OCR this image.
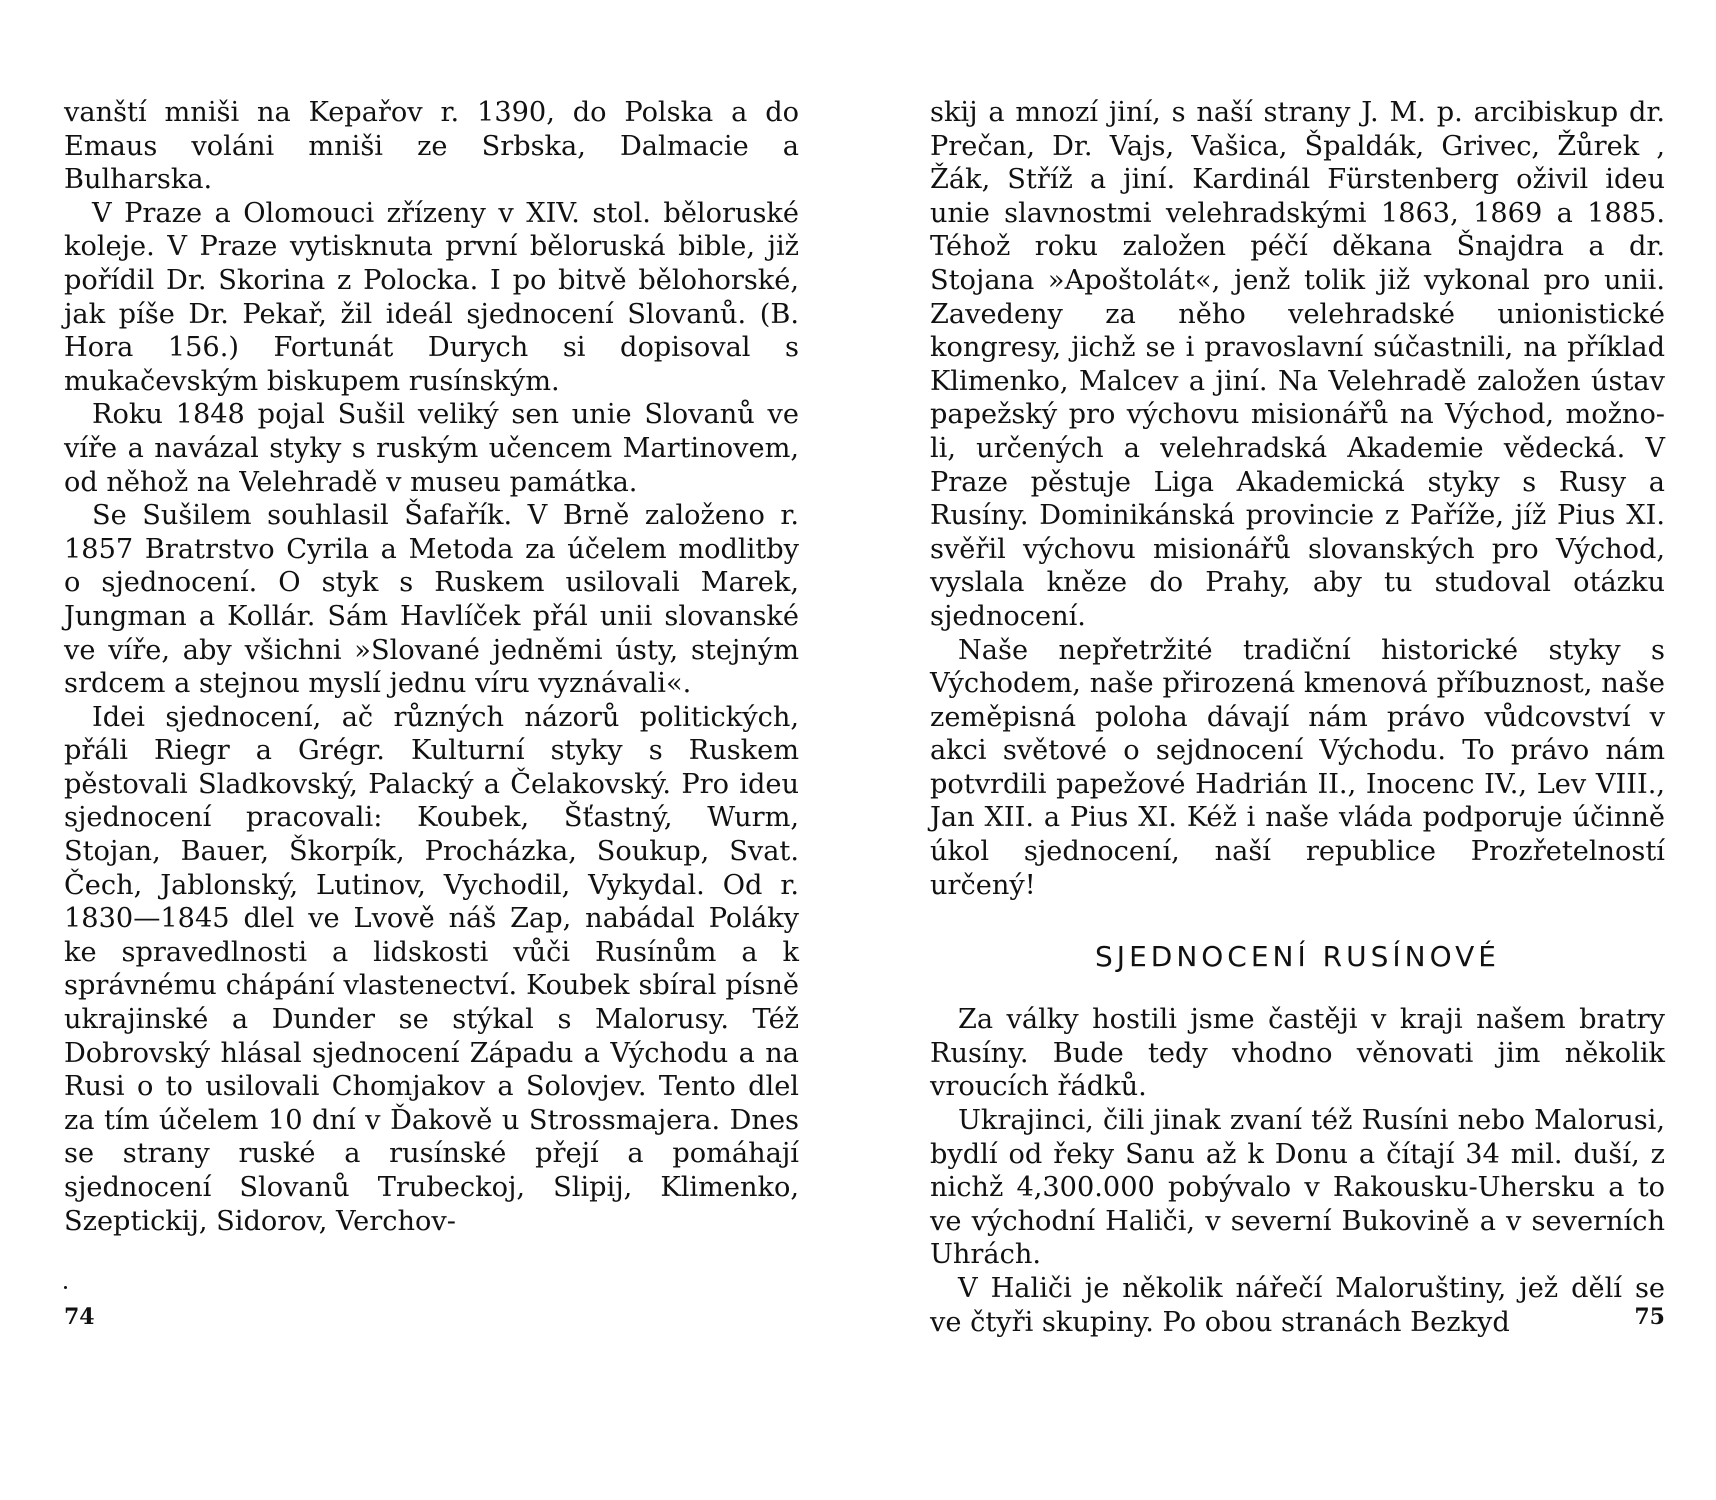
vanští mniši na Kepařov r. 1390, do Polska a do Emaus voláni mniši ze Srbska, Dalmacie a Bulharska.

V Praze a Olomouci zřízeny v XIV. stol. běloruské koleje. V Praze vytisknuta první běloruská bible, již pořídil Dr. Skorina z Polocka. I po bitvě bělohorské, jak píše Dr. Pekař, žil ideál sjednocení Slovanů. (B. Hora 156.) Fortunát Durych si dopisoval s mukačevským biskupem rusínským.

Roku 1848 pojal Sušil veliký sen unie Slovanů ve víře a navázal styky s ruským učencem Martinovem, od něhož na Velehradě v museu památka.

Se Sušilem souhlasil Šafařík. V Brně založeno r. 1857 Bratrstvo Cyrila a Metoda za účelem modlitby o sjednocení. O styk s Ruskem usilovali Marek, Jungman a Kollár. Sám Havlíček přál unii slovanské ve víře, aby všichni »Slované jedněmi ústy, stejným srdcem a stejnou myslí jednu víru vyznávali«.

Idei sjednocení, ač různých názorů politických, přáli Riegr a Grégr. Kulturní styky s Ruskem pěstovali Sladkovský, Palacký a Čelakovský. Pro ideu sjednocení pracovali: Koubek, Šťastný, Wurm, Stojan, Bauer, Škorpík, Procházka, Soukup, Svat. Čech, Jablonský, Lutinov, Vychodil, Vykydal. Od r. 1830—1845 dlel ve Lvově náš Zap, nabádal Poláky ke spravedlnosti a lidskosti vůči Rusínům a k správnému chápání vlastenectví. Koubek sbíral písně ukrajinské a Dunder se stýkal s Malorusy. Též Dobrovský hlásal sjednocení Západu a Východu a na Rusi o to usilovali Chomjakov a Solovjev. Tento dlel za tím účelem 10 dní v Ďakově u Strossmajera. Dnes se strany ruské a rusínské přejí a pomáhají sjednocení Slovanů Trubeckoj, Slipij, Klimenko, Szeptickij, Sidorov, Verchov-

74

skij a mnozí jiní, s naší strany J. M. p. arcibiskup dr. Prečan, Dr. Vajs, Vašica, Špaldák, Grivec, Žůrek , Žák, Stříž a jiní. Kardinál Fürstenberg oživil ideu unie slavnostmi velehradskými 1863, 1869 a 1885. Téhož roku založen péčí děkana Šnajdra a dr. Stojana »Apoštolát«, jenž tolik již vykonal pro unii. Zavedeny za něho velehradské unionistické kongresy, jichž se i pravoslavní súčastnili, na příklad Klimenko, Malcev a jiní. Na Velehradě založen ústav papežský pro výchovu misionářů na Východ, možno-li, určených a velehradská Akademie vědecká. V Praze pěstuje Liga Akademická styky s Rusy a Rusíny. Dominikánská provincie z Paříže, jíž Pius XI. svěřil výchovu misionářů slovanských pro Východ, vyslala kněze do Prahy, aby tu studoval otázku sjednocení.

Naše nepřetržité tradiční historické styky s Východem, naše přirozená kmenová příbuznost, naše zeměpisná poloha dávají nám právo vůdcovství v akci světové o sejdnocení Východu. To právo nám potvrdili papežové Hadrián II., Inocenc IV., Lev VIII., Jan XII. a Pius XI. Kéž i naše vláda podporuje účinně úkol sjednocení, naší republice Prozřetelností určený!

SJEDNOCENÍ RUSÍNOVÉ

Za války hostili jsme častěji v kraji našem bratry Rusíny. Bude tedy vhodno věnovati jim několik vroucích řádků.

Ukrajinci, čili jinak zvaní též Rusíni nebo Malorusi, bydlí od řeky Sanu až k Donu a čítají 34 mil. duší, z nichž 4,300.000 pobývalo v Rakousku-Uhersku a to ve východní Haliči, v severní Bukovině a v severních Uhrách.

V Haliči je několik nářečí Maloruštiny, jež dělí se ve čtyři skupiny. Po obou stranách Bezkyd	75
